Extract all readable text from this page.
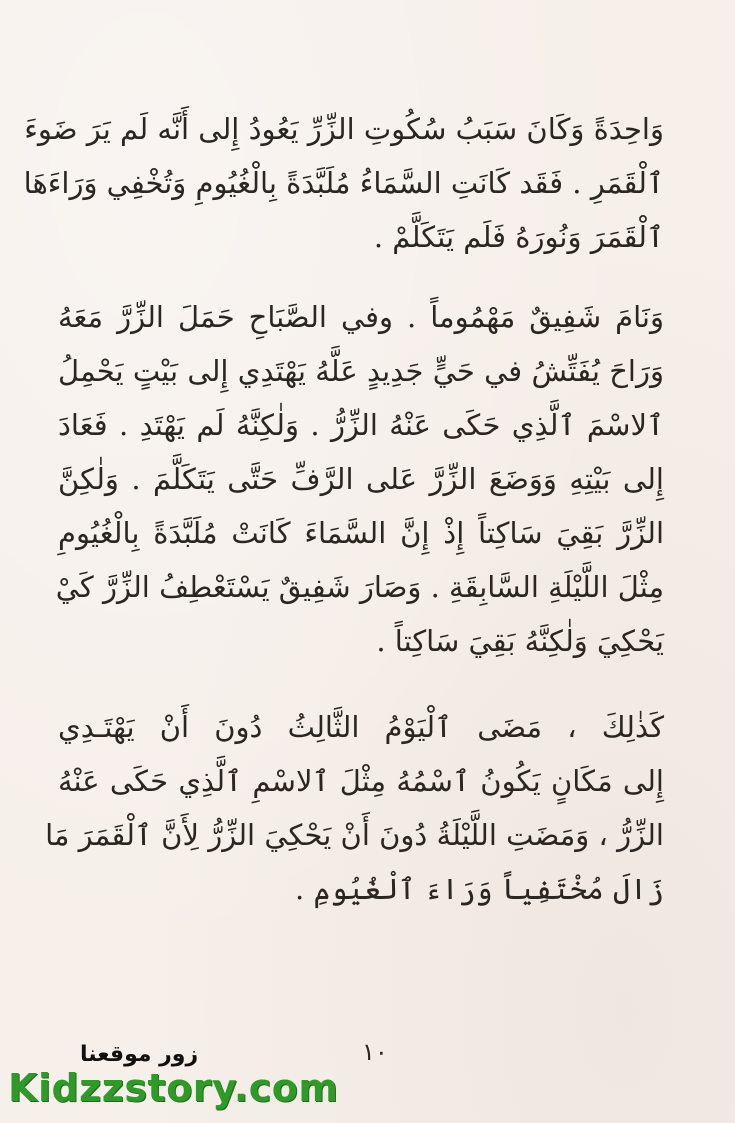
وَاحِدَةً وَكَانَ سَبَبُ سُكُوتِ الزِّرِّ يَعُودُ إِلى أَنَّه لَم يَرَ ضَوءَ
ٱلْقَمَرِ . فَقَد كَانَتِ السَّمَاءُ مُلَبَّدَةً بِالْغُيُومِ وَتُخْفِي وَرَاءَهَا
ٱلْقَمَرَ وَنُورَهُ فَلَم يَتَكَلَّمْ .
وَنَامَ شَفِيقٌ مَهْمُوماً . وفي الصَّبَاحِ حَمَلَ الزِّرَّ مَعَهُ
وَرَاحَ يُفَتِّشُ في حَيٍّ جَدِيدٍ عَلَّهُ يَهْتَدِي إِلى بَيْتٍ يَحْمِلُ
ٱلاسْمَ ٱلَّذِي حَكَى عَنْهُ الزِّرُّ . وَلٰكِنَّهُ لَم يَهْتَدِ . فَعَادَ
إِلى بَيْتِهِ وَوَضَعَ الزِّرَّ عَلى الرَّفِّ حَتَّى يَتَكَلَّمَ . وَلٰكِنَّ
الزِّرَّ بَقِيَ سَاكِتاً إِذْ إِنَّ السَّمَاءَ كَانَتْ مُلَبَّدَةً بِالْغُيُومِ
مِثْلَ اللَّيْلَةِ السَّابِقَةِ . وَصَارَ شَفِيقٌ يَسْتَعْطِفُ الزِّرَّ كَيْ
يَحْكِيَ وَلٰكِنَّهُ بَقِيَ سَاكِتاً .
كَذٰلِكَ ، مَضَى ٱلْيَوْمُ الثَّالِثُ دُونَ أَنْ يَهْتَـدِي
إِلى مَكَانٍ يَكُونُ ٱسْمُهُ مِثْلَ ٱلاسْمِ ٱلَّذِي حَكَى عَنْهُ
الزِّرُّ ، وَمَضَتِ اللَّيْلَةُ دُونَ أَنْ يَحْكِيَ الزِّرُّ لِأَنَّ ٱلْقَمَرَ مَا
زَالَ مُخْتَفِياً وَرَاءَ ٱلْغُيُومِ .
١٠
زور موقعنا
Kidzzstory.com
